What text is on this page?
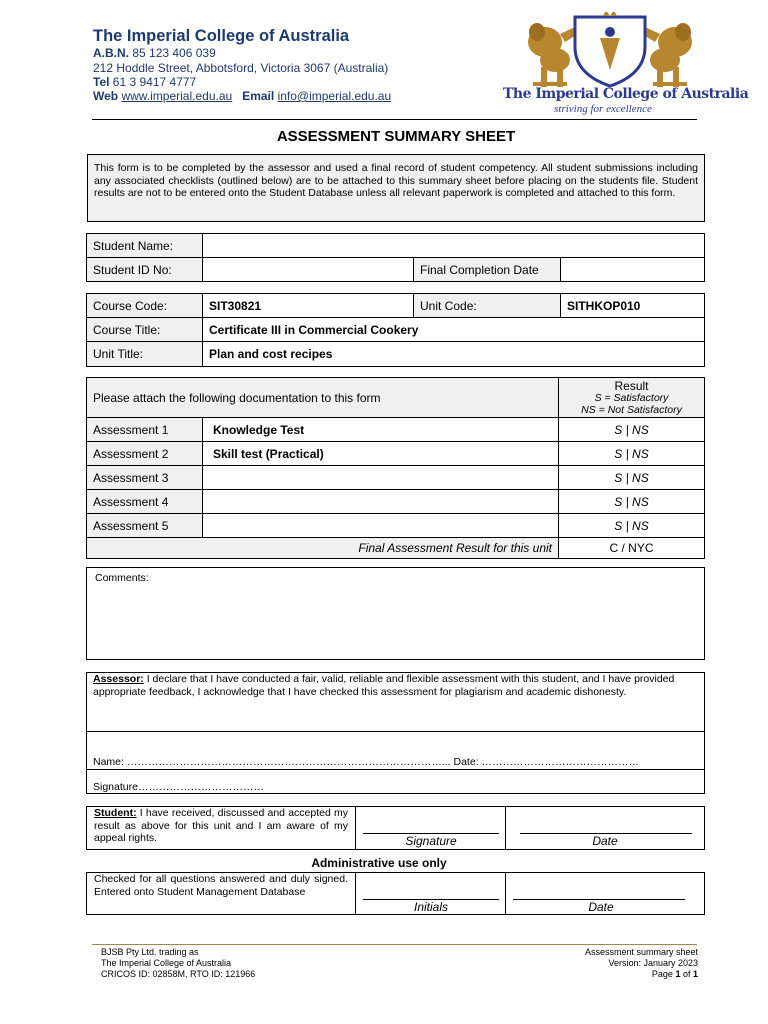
The Imperial College of Australia
A.B.N. 85 123 406 039
212 Hoddle Street, Abbotsford, Victoria 3067 (Australia)
Tel 61 3 9417 4777
Web www.imperial.edu.au Email info@imperial.edu.au	The Imperial College of Australia
striving for excellence
ASSESSMENT SUMMARY SHEET
This form is to be completed by the assessor and used a final record of student competency. All student submissions including any associated checklists (outlined below) are to be attached to this summary sheet before placing on the students file. Student results are not to be entered onto the Student Database unless all relevant paperwork is completed and attached to this form.
Student Name:			
Student ID No:		Final Completion Date	
Course Code:	SIT30821	Unit Code:	SITHKOP010
Course Title:	Certificate III in Commercial Cookery		
Unit Title:	Plan and cost recipes		
Please attach the following documentation to this form		Result
S = Satisfactory
NS = Not Satisfactory

Assessment 1	Knowledge Test	S | NS
Assessment 2	Skill test (Practical)	S | NS
Assessment 3		S | NS
Assessment 4		S | NS
Assessment 5		S | NS
Final Assessment Result for this unit		C / NYC
Comments:
Assessor: I declare that I have conducted a fair, valid, reliable and flexible assessment with this student, and I have provided appropriate feedback, I acknowledge that I have checked this assessment for plagiarism and academic dishonesty.
Name: ………………………………………………………………………………... Date: ………………………………………
Signature………………………………
Student: I have received, discussed and accepted my result as above for this unit and I am aware of my appeal rights.	Signature	Date
Administrative use only
Checked for all questions answered and duly signed. Entered onto Student Management Database
Initials	Date
BJSB Pty Ltd. trading as
The Imperial College of Australia
CRICOS ID: 02858M, RTO ID: 121966
Assessment summary sheet
Version: January 2023
Page 1 of 1
